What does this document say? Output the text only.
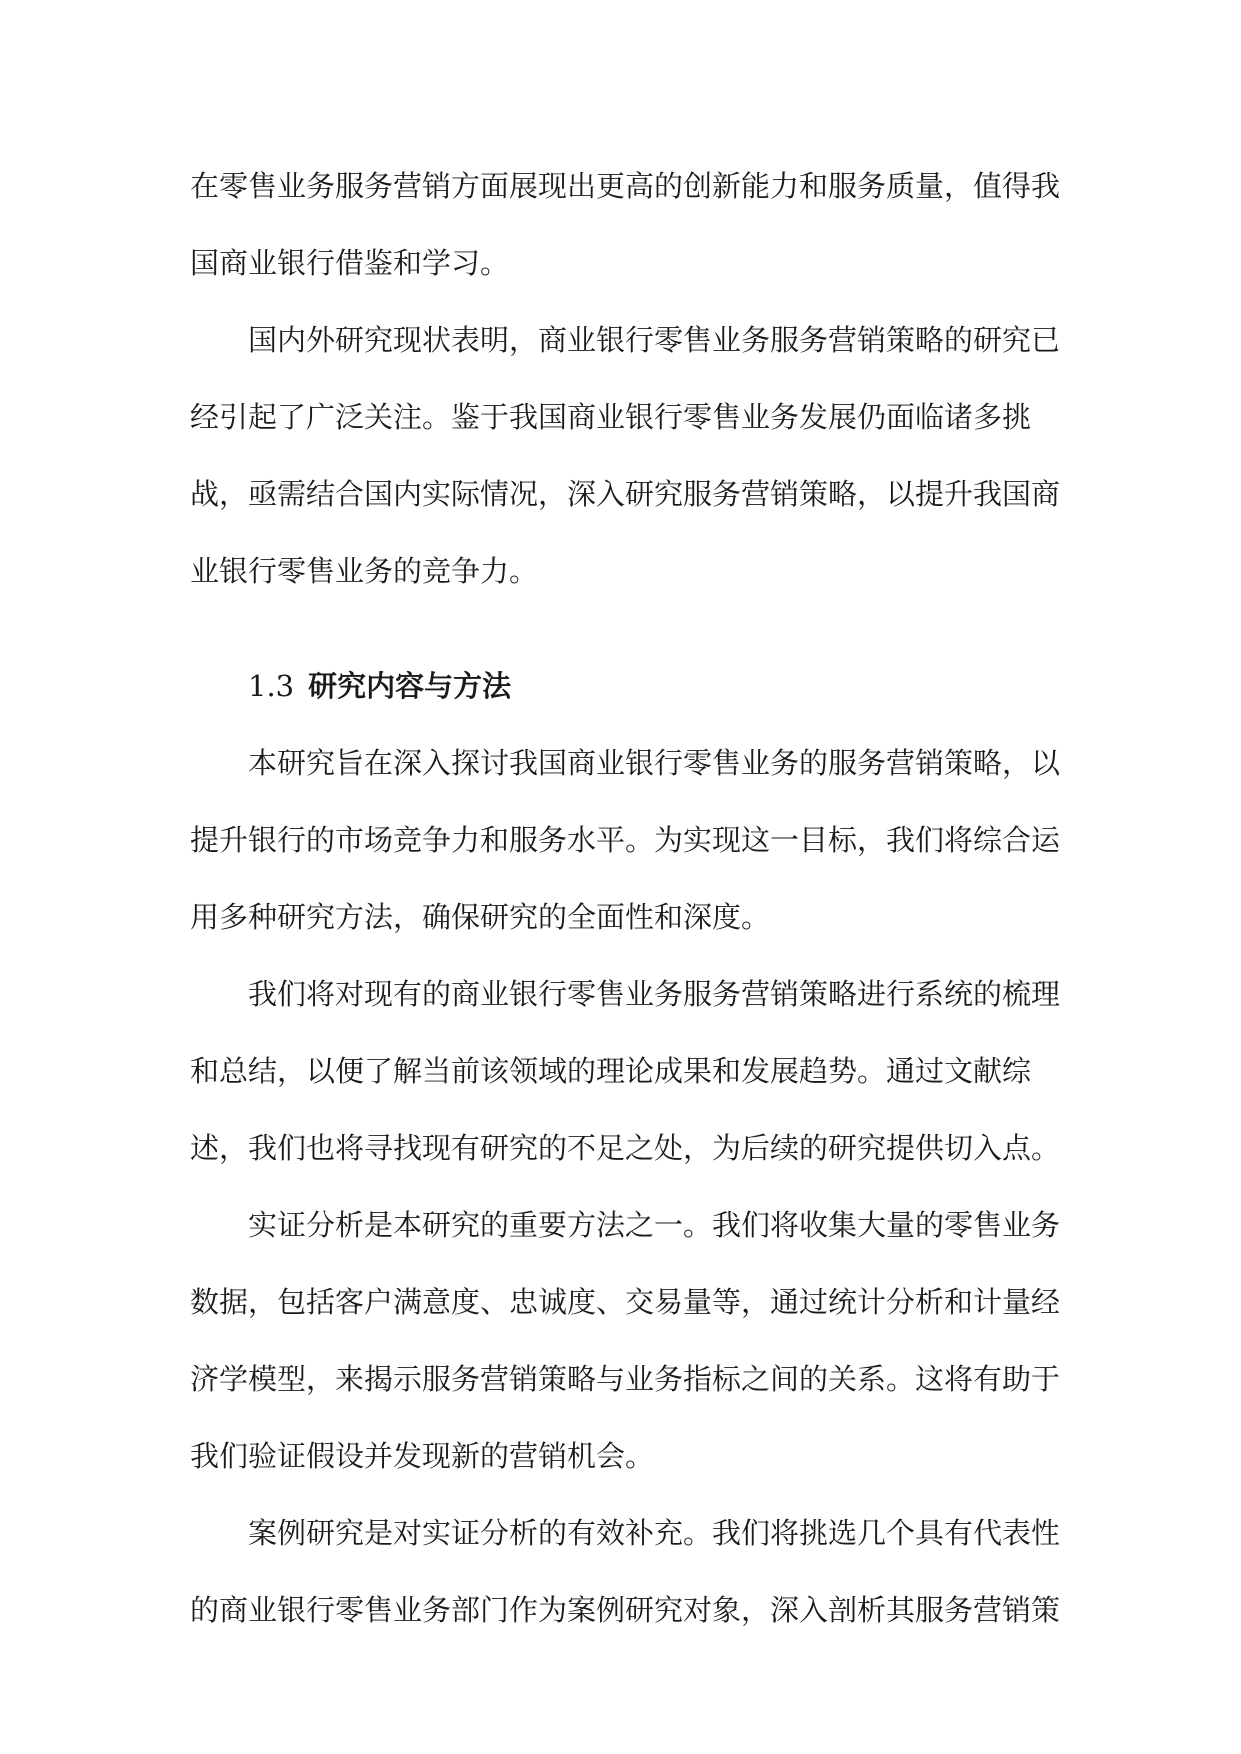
在零售业务服务营销方面展现出更高的创新能力和服务质量，值得我国商业银行借鉴和学习。

国内外研究现状表明，商业银行零售业务服务营销策略的研究已经引起了广泛关注。鉴于我国商业银行零售业务发展仍面临诸多挑战，亟需结合国内实际情况，深入研究服务营销策略，以提升我国商业银行零售业务的竞争力。

1.3 研究内容与方法

本研究旨在深入探讨我国商业银行零售业务的服务营销策略，以提升银行的市场竞争力和服务水平。为实现这一目标，我们将综合运用多种研究方法，确保研究的全面性和深度。

我们将对现有的商业银行零售业务服务营销策略进行系统的梳理和总结，以便了解当前该领域的理论成果和发展趋势。通过文献综述，我们也将寻找现有研究的不足之处，为后续的研究提供切入点。

实证分析是本研究的重要方法之一。我们将收集大量的零售业务数据，包括客户满意度、忠诚度、交易量等，通过统计分析和计量经济学模型，来揭示服务营销策略与业务指标之间的关系。这将有助于我们验证假设并发现新的营销机会。

案例研究是对实证分析的有效补充。我们将挑选几个具有代表性的商业银行零售业务部门作为案例研究对象，深入剖析其服务营销策
